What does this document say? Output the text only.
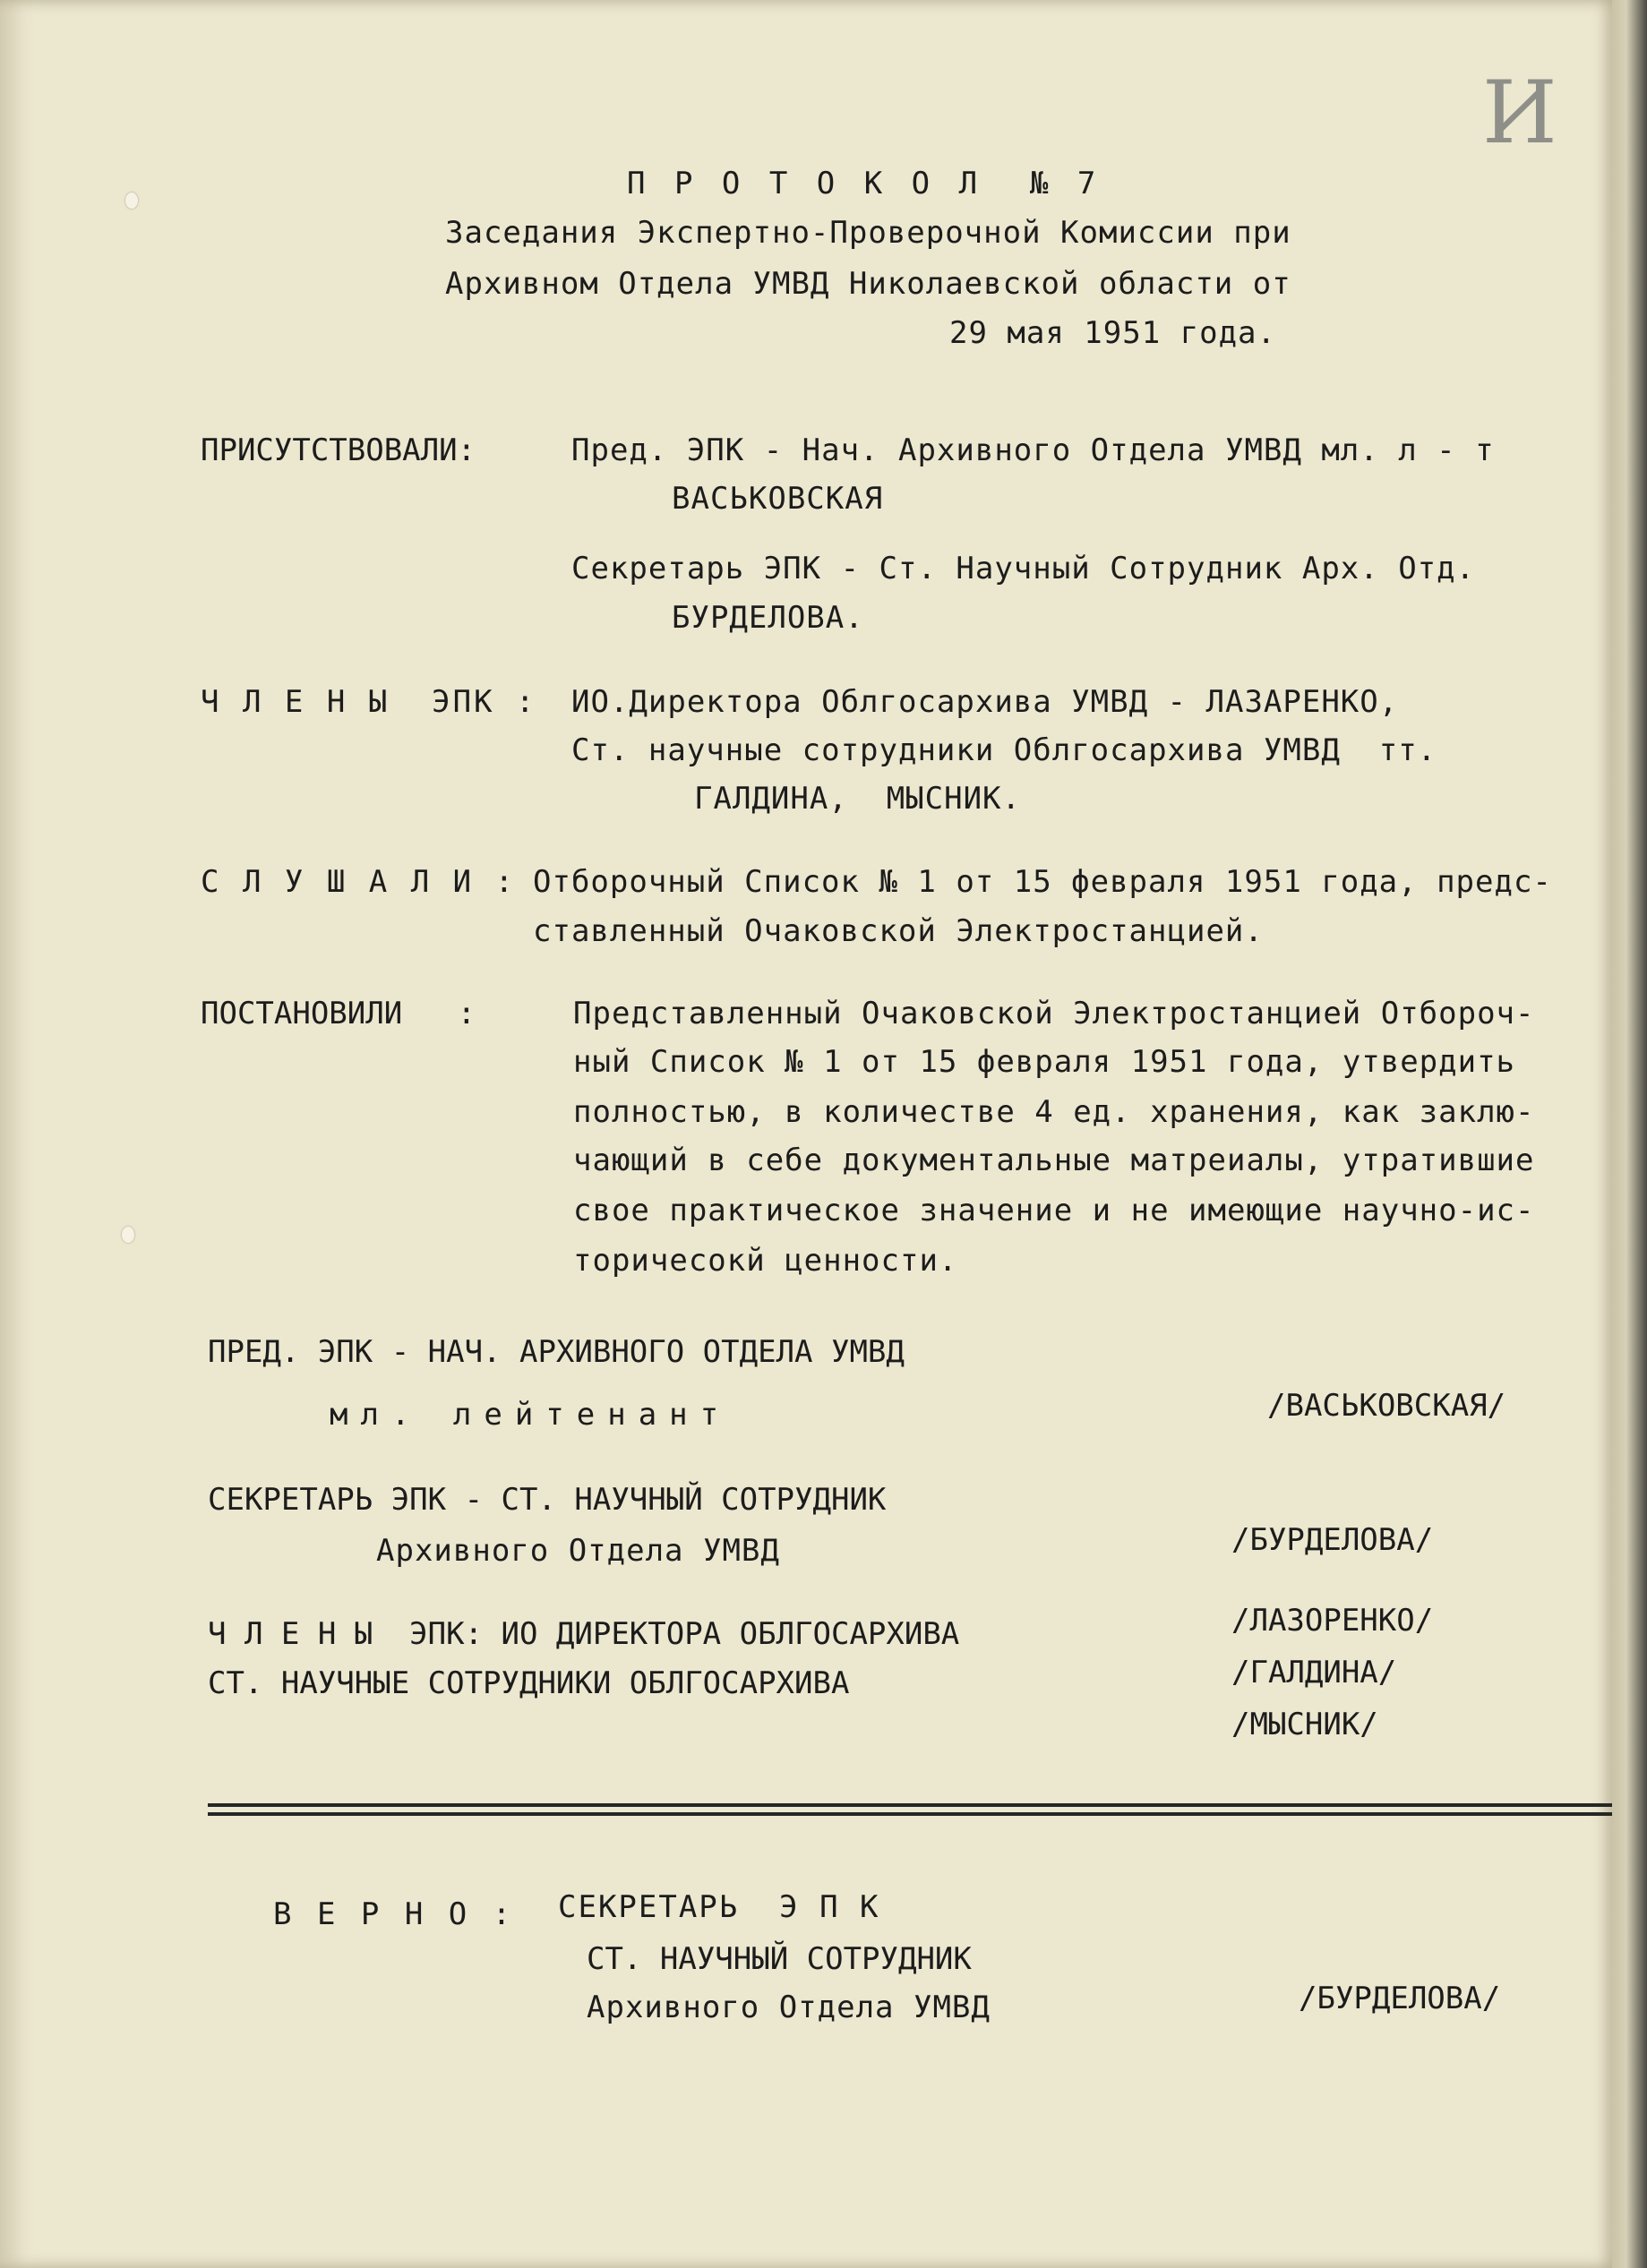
И
П Р О Т О К О Л  № 7
Заседания Экспертно-Проверочной Комиссии при
Архивном Отдела УМВД Николаевской области от
29 мая 1951 года.
ПРИСУТСТВОВАЛИ:	Пред. ЭПК - Нач. Архивного Отдела УМВД мл. л - т
ВАСЬКОВСКАЯ
Секретарь ЭПК - Ст. Научный Сотрудник Арх. Отд.
БУРДЕЛОВА.
Ч Л Е Н Ы  ЭПК : ИО.Директора Облгосархива УМВД - ЛАЗАРЕНКО,
Ст. научные сотрудники Облгосархива УМВД  тт.
ГАЛДИНА,  МЫСНИК.
С Л У Ш А Л И : Отборочный Список № 1 от 15 февраля 1951 года, предс-
ставленный Очаковской Электростанцией.
ПОСТАНОВИЛИ   :	Представленный Очаковской Электростанцией Отбороч-
ный Список № 1 от 15 февраля 1951 года, утвердить
полностью, в количестве 4 ед. хранения, как заклю-
чающий в себе документальные матреиалы, утратившие
свое практическое значение и не имеющие научно-ис-
торичесокй ценности.
ПРЕД. ЭПК - НАЧ. АРХИВНОГО ОТДЕЛА УМВД
мл. лейтенант	/ВАСЬКОВСКАЯ/
СЕКРЕТАРЬ ЭПК - СТ. НАУЧНЫЙ СОТРУДНИК
Архивного Отдела УМВД	/БУРДЕЛОВА/
Ч Л Е Н Ы  ЭПК: ИО ДИРЕКТОРА ОБЛГОСАРХИВА
СТ. НАУЧНЫЕ СОТРУДНИКИ ОБЛГОСАРХИВА
/ЛАЗОРЕНКО/
/ГАЛДИНА/
/МЫСНИК/
В Е Р Н О : СЕКРЕТАРЬ  Э П К
СТ. НАУЧНЫЙ СОТРУДНИК
Архивного Отдела УМВД	/БУРДЕЛОВА/
